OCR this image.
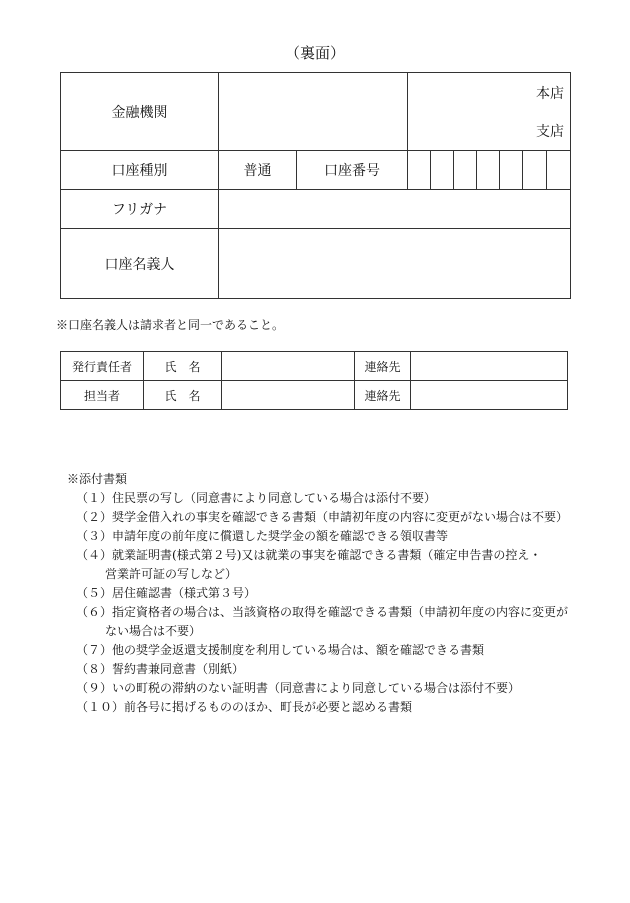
（裏面）
金融機関			本店
支店						

口座種別	普通	口座番号							
フリガナ									
口座名義人									
※口座名義人は請求者と同一であること。
発行責任者	氏　名		連絡先	
担当者	氏　名		連絡先	
※添付書類
（１） 住民票の写し（同意書により同意している場合は添付不要）
（２） 奨学金借入れの事実を確認できる書類（申請初年度の内容に変更がない場合は不要）
（３） 申請年度の前年度に償還した奨学金の額を確認できる領収書等
（４） 就業証明書(様式第２号)又は就業の事実を確認できる書類（確定申告書の控え・
営業許可証の写しなど）
（５） 居住確認書（様式第３号）
（６） 指定資格者の場合は、当該資格の取得を確認できる書類（申請初年度の内容に変更が
ない場合は不要）
（７） 他の奨学金返還支援制度を利用している場合は、額を確認できる書類
（８） 誓約書兼同意書（別紙）
（９） いの町税の滞納のない証明書（同意書により同意している場合は添付不要）
（１０） 前各号に掲げるもののほか、町長が必要と認める書類
